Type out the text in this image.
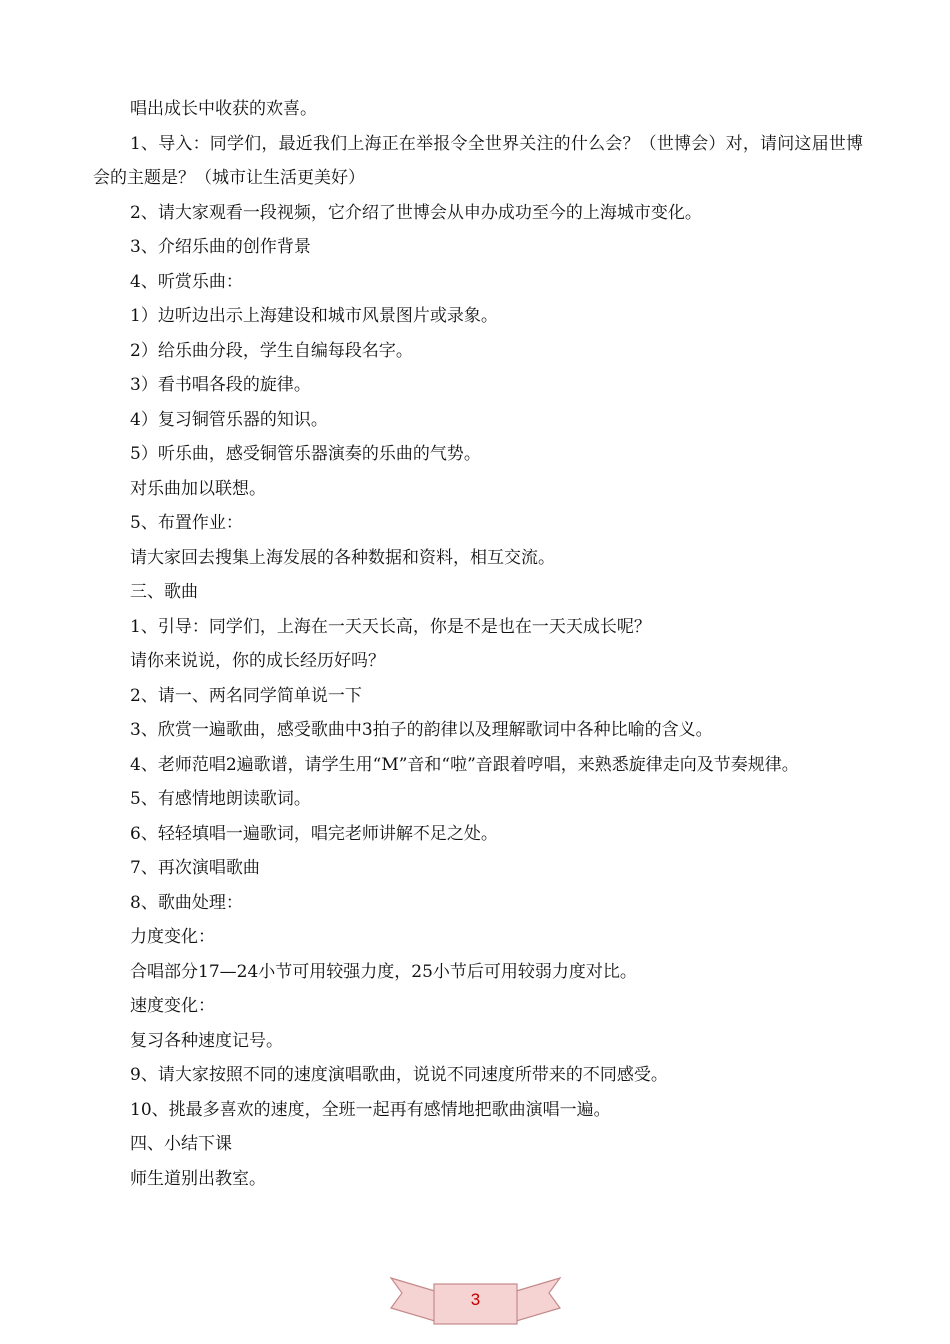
唱出成长中收获的欢喜。

1、导入：同学们，最近我们上海正在举报令全世界关注的什么会？（世博会）对，请问这届世博会的主题是？（城市让生活更美好）

2、请大家观看一段视频，它介绍了世博会从申办成功至今的上海城市变化。

3、介绍乐曲的创作背景

4、听赏乐曲：

1）边听边出示上海建设和城市风景图片或录象。

2）给乐曲分段，学生自编每段名字。

3）看书唱各段的旋律。

4）复习铜管乐器的知识。

5）听乐曲，感受铜管乐器演奏的乐曲的气势。

对乐曲加以联想。

5、布置作业：

请大家回去搜集上海发展的各种数据和资料，相互交流。

三、歌曲

1、引导：同学们，上海在一天天长高，你是不是也在一天天成长呢？

请你来说说，你的成长经历好吗？

2、请一、两名同学简单说一下

3、欣赏一遍歌曲，感受歌曲中3拍子的韵律以及理解歌词中各种比喻的含义。

4、老师范唱2遍歌谱，请学生用“M”音和“啦”音跟着哼唱，来熟悉旋律走向及节奏规律。

5、有感情地朗读歌词。

6、轻轻填唱一遍歌词，唱完老师讲解不足之处。

7、再次演唱歌曲

8、歌曲处理：

力度变化：

合唱部分17—24小节可用较强力度，25小节后可用较弱力度对比。

速度变化：

复习各种速度记号。

9、请大家按照不同的速度演唱歌曲，说说不同速度所带来的不同感受。

10、挑最多喜欢的速度，全班一起再有感情地把歌曲演唱一遍。

四、小结下课

师生道别出教室。

3
